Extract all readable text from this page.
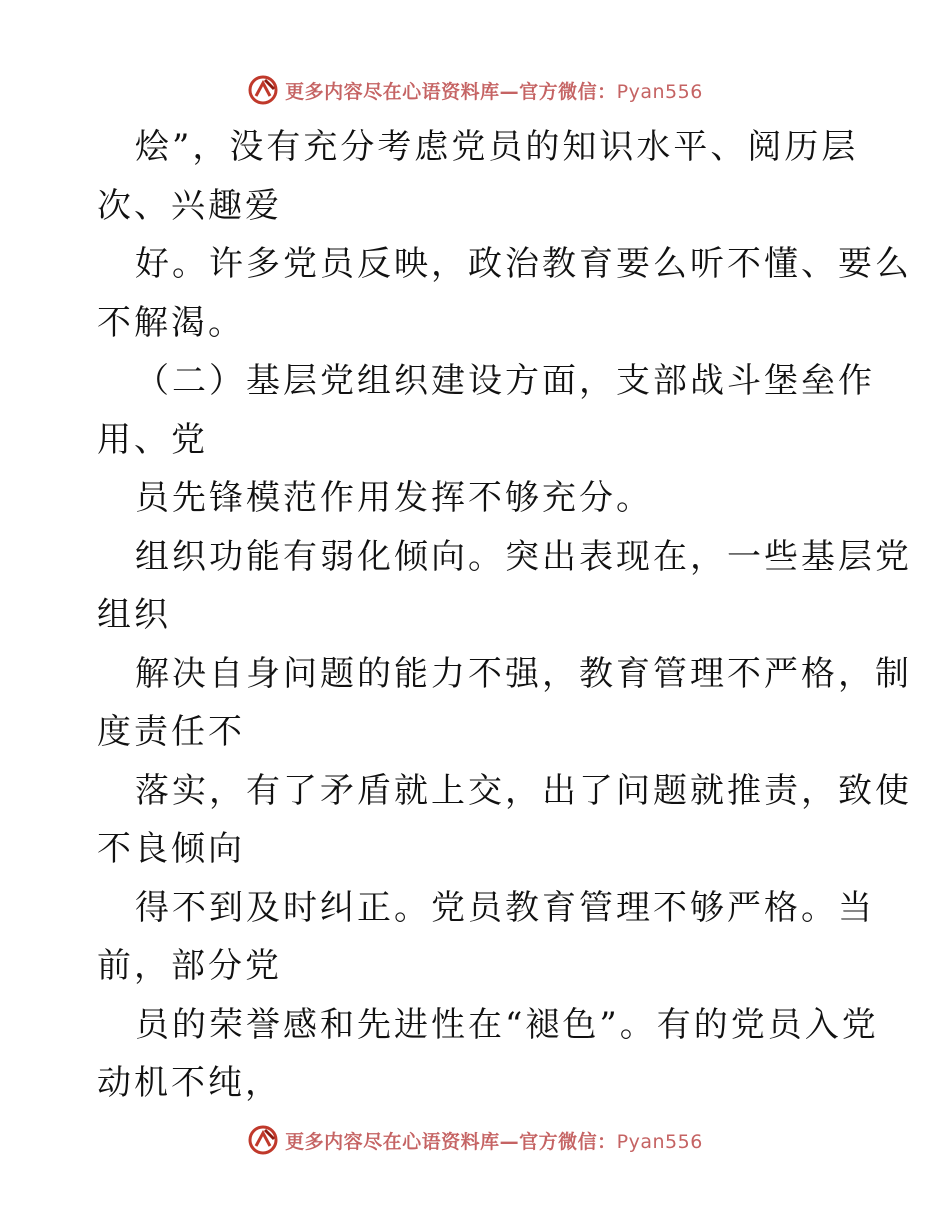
更多内容尽在心语资料库—官方微信：Pyan556
烩”，没有充分考虑党员的知识水平、阅历层
次、兴趣爱
好。许多党员反映，政治教育要么听不懂、要么
不解渴。
（二）基层党组织建设方面，支部战斗堡垒作
用、党
员先锋模范作用发挥不够充分。
组织功能有弱化倾向。突出表现在，一些基层党
组织
解决自身问题的能力不强，教育管理不严格，制
度责任不
落实，有了矛盾就上交，出了问题就推责，致使
不良倾向
得不到及时纠正。党员教育管理不够严格。当
前，部分党
员的荣誉感和先进性在“褪色”。有的党员入党
动机不纯，
更多内容尽在心语资料库—官方微信：Pyan556
